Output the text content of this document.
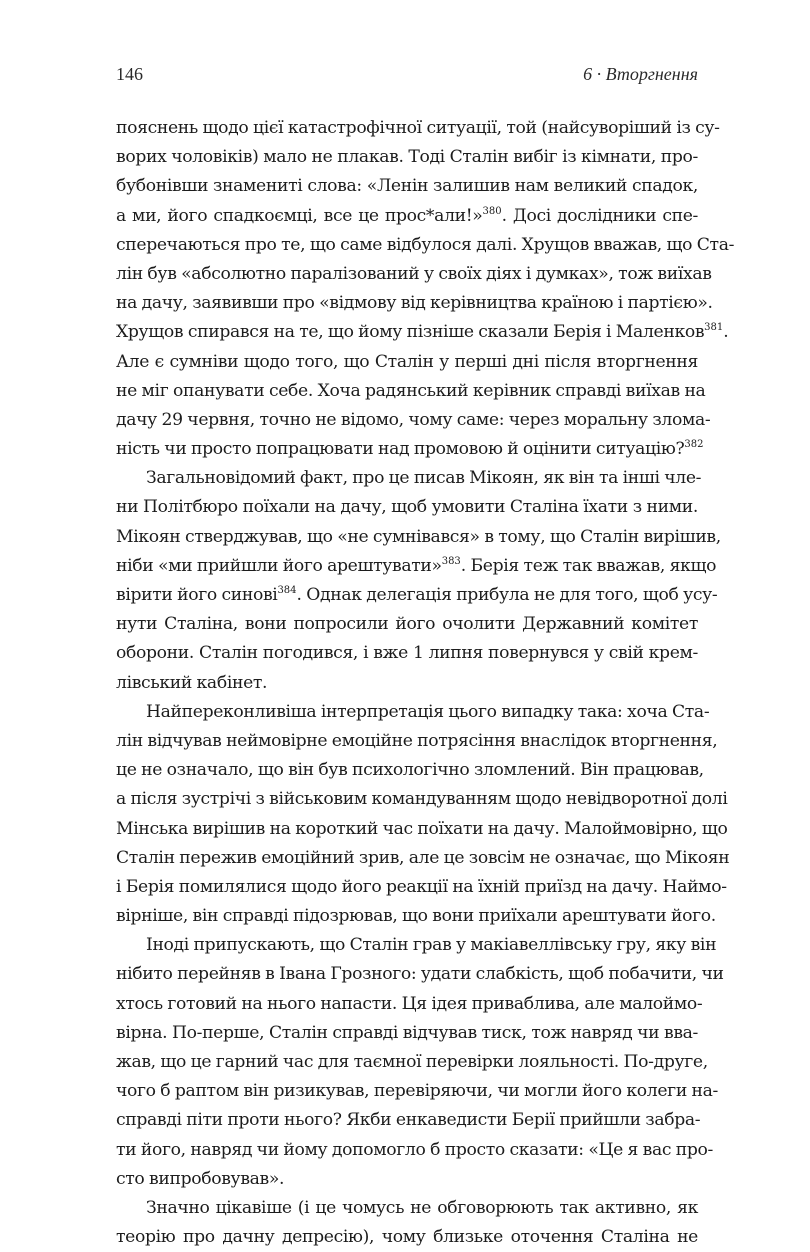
146	6 · Вторгнення
пояснень щодо цієї катастрофічної ситуації, той (найсуворіший із су-
ворих чоловіків) мало не плакав. Тоді Сталін вибіг із кімнати, про-
бубонівши знамениті слова: «Ленін залишив нам великий спадок,
а ми, його спадкоємці, все це прос*али!»$^{380}$. Досі дослідники спе-
сперечаються про те, що саме відбулося далі. Хрущов вважав, що Ста-
лін був «абсолютно паралізований у своїх діях і думках», тож виїхав
на дачу, заявивши про «відмову від керівництва країною і партією».
Хрущов спирався на те, що йому пізніше сказали Берія і Маленков$^{381}$.
Але є сумніви щодо того, що Сталін у перші дні після вторгнення
не міг опанувати себе. Хоча радянський керівник справді виїхав на
дачу 29 червня, точно не відомо, чому саме: через моральну злома-
ність чи просто попрацювати над промовою й оцінити ситуацію?$^{382}$
Загальновідомий факт, про це писав Мікоян, як він та інші чле-
ни Політбюро поїхали на дачу, щоб умовити Сталіна їхати з ними.
Мікоян стверджував, що «не сумнівався» в тому, що Сталін вирішив,
ніби «ми прийшли його арештувати»$^{383}$. Берія теж так вважав, якщо
вірити його синові$^{384}$. Однак делегація прибула не для того, щоб усу-
нути Сталіна, вони попросили його очолити Державний комітет
оборони. Сталін погодився, і вже 1 липня повернувся у свій крем-
лівський кабінет.
Найпереконливіша інтерпретація цього випадку така: хоча Ста-
лін відчував неймовірне емоційне потрясіння внаслідок вторгнення,
це не означало, що він був психологічно зломлений. Він працював,
а після зустрічі з військовим командуванням щодо невідворотної долі
Мінська вирішив на короткий час поїхати на дачу. Малоймовірно, що
Сталін пережив емоційний зрив, але це зовсім не означає, що Мікоян
і Берія помилялися щодо його реакції на їхній приїзд на дачу. Наймо-
вірніше, він справді підозрював, що вони приїхали арештувати його.
Іноді припускають, що Сталін грав у макіавеллівську гру, яку він
нібито перейняв в Івана Грозного: удати слабкість, щоб побачити, чи
хтось готовий на нього напасти. Ця ідея приваблива, але малоймо-
вірна. По-перше, Сталін справді відчував тиск, тож навряд чи вва-
жав, що це гарний час для таємної перевірки лояльності. По-друге,
чого б раптом він ризикував, перевіряючи, чи могли його колеги на-
справді піти проти нього? Якби енкаведисти Берії прийшли забра-
ти його, навряд чи йому допомогло б просто сказати: «Це я вас про-
сто випробовував».
Значно цікавіше (і це чомусь не обговорюють так активно, як
теорію про дачну депресію), чому близьке оточення Сталіна не
